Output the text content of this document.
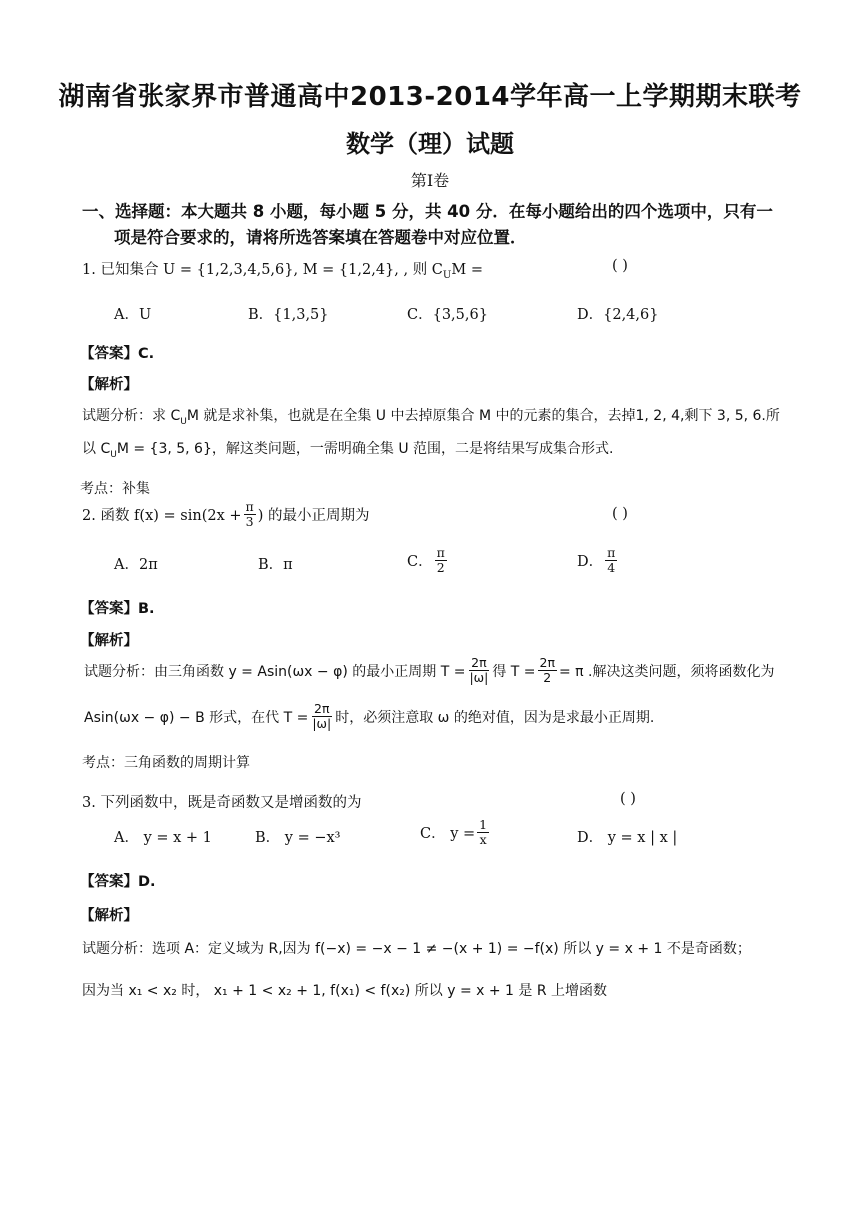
湖南省张家界市普通高中2013-2014学年高一上学期期末联考
数学（理）试题
第Ⅰ卷
一、选择题：本大题共 8 小题，每小题 5 分，共 40 分．在每小题给出的四个选项中，只有一
项是符合要求的，请将所选答案填在答题卷中对应位置．
1. 已知集合 U = {1,2,3,4,5,6}, M = {1,2,4}, , 则 $C_UM$ =	( )
A．U	B．{1,3,5}	C．{3,5,6}	D．{2,4,6}
【答案】C.
【解析】
试题分析：求 $C_UM$ 就是求补集，也就是在全集 U 中去掉原集合 M 中的元素的集合，去掉1, 2, 4,剩下 3, 5, 6.所
以 $C_UM = \{3$, 5, 6}，解这类问题，一需明确全集 U 范围，二是将结果写成集合形式.
考点：补集
2. 函数 $f(x) = \sin(2x + \frac{\pi}{3}$ ) 的最小正周期为	( )
A．2π	B．π	C． $\frac{\pi}{2}$	D． $\frac{\pi}{4}$
【答案】B.
【解析】
试题分析：由三角函数 y = Asin(ωx − φ) 的最小正周期 $T = \frac{2\pi}{|\omega|}$ 得 $T = \frac{2\pi}{2} = \pi$ .解决这类问题，须将函数化为
Asin(ωx − φ) − B 形式，在代 $T = \frac{2\pi}{|\omega|}$ 时，必须注意取 ω 的绝对值，因为是求最小正周期.
考点：三角函数的周期计算
3. 下列函数中，既是奇函数又是增函数的为	( )
A． y = x + 1	B． y = −x³	C． $y = \frac{1}{x}$	D． y = x | x |
【答案】D.
【解析】
试题分析：选项 A：定义域为 R,因为 f(−x) = −x − 1 ≠ −(x + 1) = −f(x) 所以 y = x + 1 不是奇函数；
因为当 x₁ < x₂ 时， x₁ + 1 < x₂ + 1, f(x₁) < f(x₂) 所以 y = x + 1 是 R 上增函数
